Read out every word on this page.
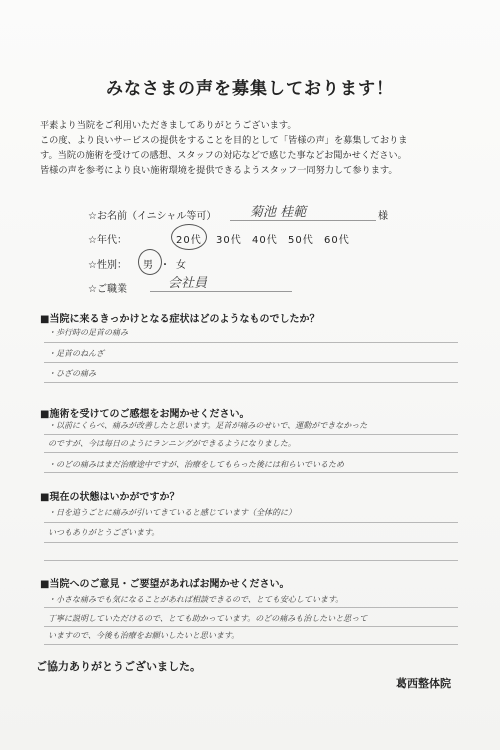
みなさまの声を募集しております！

平素より当院をご利用いただきましてありがとうございます。

この度、より良いサービスの提供をすることを目的として「皆様の声」を募集しておりま

す。当院の施術を受けての感想、スタッフの対応などで感じた事などお聞かせください。

皆様の声を参考により良い施術環境を提供できるようスタッフ一同努力して参ります。

☆お名前（イニシャル等可）	菊池 桂範	様
☆年代：	20代 30代 40代 50代 60代
☆性別： 男 ・ 女
☆ご職業	会社員
■当院に来るきっかけとなる症状はどのようなものでしたか？
・歩行時の足首の痛み
・足首のねんざ
・ひざの痛み
■施術を受けてのご感想をお聞かせください。
・以前にくらべ、痛みが改善したと思います。足首が痛みのせいで、運動ができなかった
のですが、今は毎日のようにランニングができるようになりました。
・のどの痛みはまだ治療途中ですが、治療をしてもらった後には和らいでいるため
■現在の状態はいかがですか？
・日を追うごとに痛みが引いてきていると感じています（全体的に）
いつもありがとうございます。
■当院へのご意見・ご要望があればお聞かせください。
・小さな痛みでも気になることがあれば相談できるので、とても安心しています。
丁寧に説明していただけるので、とても助かっています。のどの痛みも治したいと思って
いますので、今後も治療をお願いしたいと思います。
ご協力ありがとうございました。
葛西整体院
